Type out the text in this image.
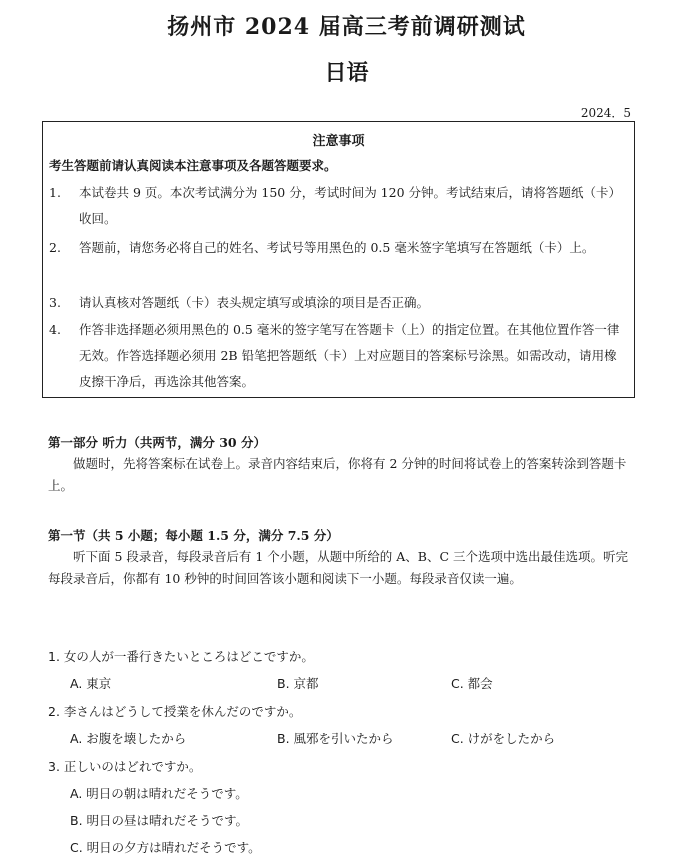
扬州市 2024 届高三考前调研测试
日语
2024．5
注意事项
考生答题前请认真阅读本注意事项及各题答题要求。
1.	本试卷共 9 页。本次考试满分为 150 分，考试时间为 120 分钟。考试结束后，请将答题纸（卡）收回。
2.	答题前，请您务必将自己的姓名、考试号等用黑色的 0.5 毫米签字笔填写在答题纸（卡）上。
3.	请认真核对答题纸（卡）表头规定填写或填涂的项目是否正确。
4.	作答非选择题必须用黑色的 0.5 毫米的签字笔写在答题卡（上）的指定位置。在其他位置作答一律无效。作答选择题必须用 2B 铅笔把答题纸（卡）上对应题目的答案标号涂黑。如需改动，请用橡皮擦干净后，再选涂其他答案。
第一部分 听力（共两节，满分 30 分）
做题时，先将答案标在试卷上。录音内容结束后，你将有 2 分钟的时间将试卷上的答案转涂到答题卡上。
第一节（共 5 小题；每小题 1.5 分，满分 7.5 分）
听下面 5 段录音，每段录音后有 1 个小题，从题中所给的 A、B、C 三个选项中选出最佳选项。听完每段录音后，你都有 10 秒钟的时间回答该小题和阅读下一小题。每段录音仅读一遍。
1. 女の人が一番行きたいところはどこですか。
A. 東京	B. 京都	C. 都会
2. 李さんはどうして授業を休んだのですか。
A. お腹を壊したから	B. 風邪を引いたから	C. けがをしたから
3. 正しいのはどれですか。
A. 明日の朝は晴れだそうです。
B. 明日の昼は晴れだそうです。
C. 明日の夕方は晴れだそうです。
